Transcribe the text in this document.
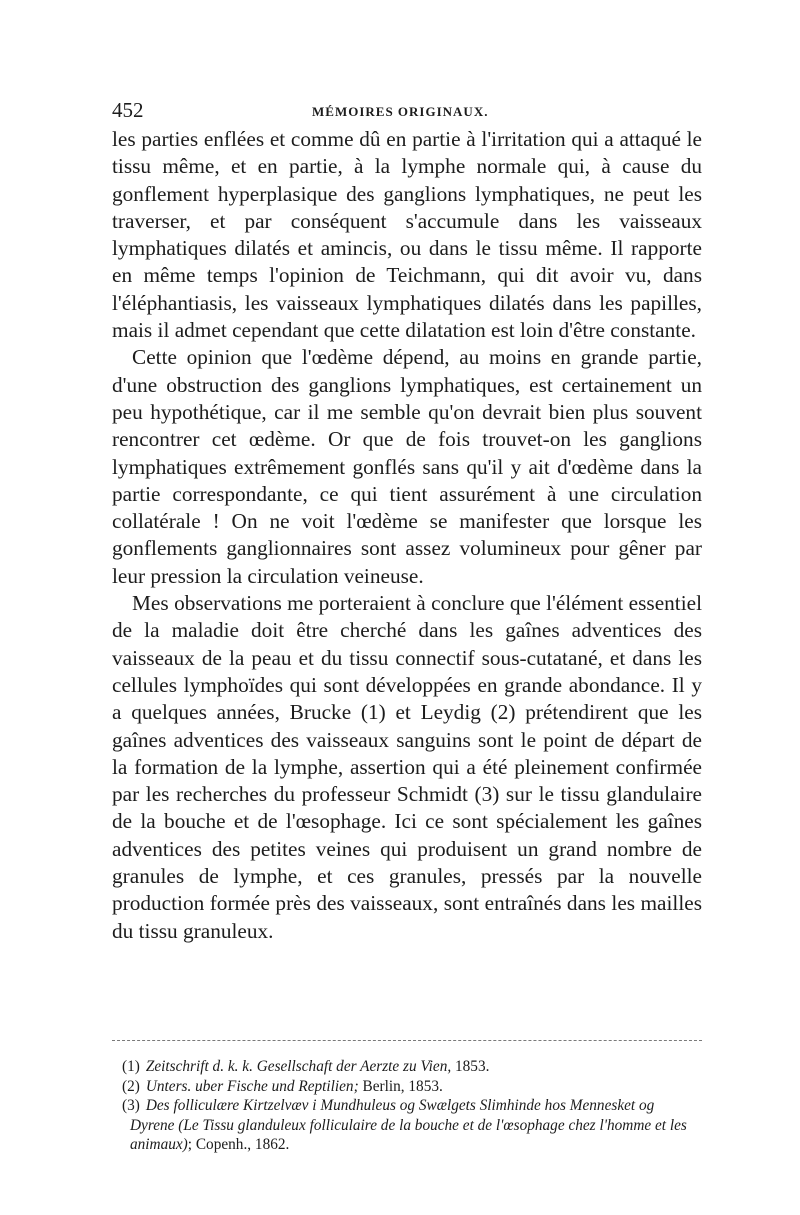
452	MÉMOIRES ORIGINAUX.

les parties enflées et comme dû en partie à l'irritation qui a attaqué le tissu même, et en partie, à la lymphe normale qui, à cause du gonflement hyperplasique des ganglions lymphatiques, ne peut les traverser, et par conséquent s'accumule dans les vaisseaux lymphatiques dilatés et amincis, ou dans le tissu même. Il rapporte en même temps l'opinion de Teichmann, qui dit avoir vu, dans l'éléphantiasis, les vaisseaux lymphatiques dilatés dans les papilles, mais il admet cependant que cette dilatation est loin d'être constante.

Cette opinion que l'œdème dépend, au moins en grande partie, d'une obstruction des ganglions lymphatiques, est certainement un peu hypothétique, car il me semble qu'on devrait bien plus souvent rencontrer cet œdème. Or que de fois trouvet-on les ganglions lymphatiques extrêmement gonflés sans qu'il y ait d'œdème dans la partie correspondante, ce qui tient assurément à une circulation collatérale ! On ne voit l'œdème se manifester que lorsque les gonflements ganglionnaires sont assez volumineux pour gêner par leur pression la circulation veineuse.

Mes observations me porteraient à conclure que l'élément essentiel de la maladie doit être cherché dans les gaînes adventices des vaisseaux de la peau et du tissu connectif sous-cutatané, et dans les cellules lymphoïdes qui sont développées en grande abondance. Il y a quelques années, Brucke (1) et Leydig (2) prétendirent que les gaînes adventices des vaisseaux sanguins sont le point de départ de la formation de la lymphe, assertion qui a été pleinement confirmée par les recherches du professeur Schmidt (3) sur le tissu glandulaire de la bouche et de l'œsophage. Ici ce sont spécialement les gaînes adventices des petites veines qui produisent un grand nombre de granules de lymphe, et ces granules, pressés par la nouvelle production formée près des vaisseaux, sont entraînés dans les mailles du tissu granuleux.

(1) Zeitschrift d. k. k. Gesellschaft der Aerzte zu Vien, 1853.

(2) Unters. uber Fische und Reptilien; Berlin, 1853.

(3) Des folliculære Kirtzelvæv i Mundhuleus og Swælgets Slimhinde hos Mennesket og Dyrene (Le Tissu glanduleux folliculaire de la bouche et de l'œsophage chez l'homme et les animaux); Copenh., 1862.
